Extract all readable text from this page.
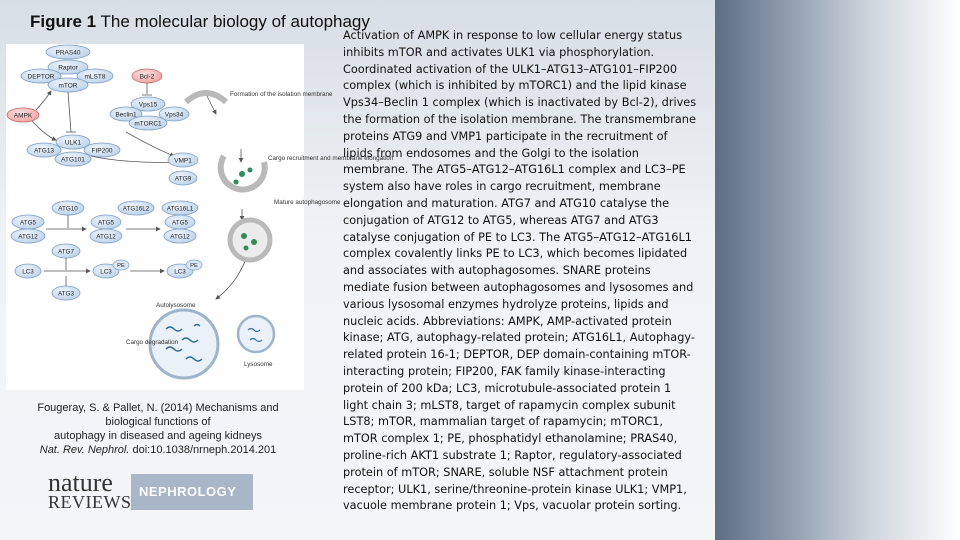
Figure 1 The molecular biology of autophagy
PRAS40
Raptor
DEPTOR	mLST8
mTOR
Bcl-2
AMPK
Vps15
Beclin1	Vps34
mTORC1
ULK1
ATG13	FIP200
ATG101
Formation of the isolation membrane
Cargo recruitment and membrane elongation
VMP1
ATG9
Mature autophagosome
ATG10	ATG16L2	ATG16L1
ATG5	ATG5	ATG5
ATG12	ATG12	ATG12
ATG7
LC3	LC3	LC3
PE	PE
ATG3
Autolysosome
Cargo degradation
Lysosome
Fougeray, S. & Pallet, N. (2014) Mechanisms and
biological functions of
autophagy in diseased and ageing kidneys
Nat. Rev. Nephrol. doi:10.1038/nrneph.2014.201
nature
REVIEWS
NEPHROLOGY
Activation of AMPK in response to low cellular energy status inhibits mTOR and activates ULK1 via phosphorylation. Coordinated activation of the ULK1–ATG13–ATG101–FIP200 complex (which is inhibited by mTORC1) and the lipid kinase Vps34–Beclin 1 complex (which is inactivated by Bcl-2), drives the formation of the isolation membrane. The transmembrane proteins ATG9 and VMP1 participate in the recruitment of lipids from endosomes and the Golgi to the isolation membrane. The ATG5–ATG12–ATG16L1 complex and LC3–PE system also have roles in cargo recruitment, membrane elongation and maturation. ATG7 and ATG10 catalyse the conjugation of ATG12 to ATG5, whereas ATG7 and ATG3 catalyse conjugation of PE to LC3. The ATG5–ATG12–ATG16L1 complex covalently links PE to LC3, which becomes lipidated and associates with autophagosomes. SNARE proteins mediate fusion between autophagosomes and lysosomes and various lysosomal enzymes hydrolyze proteins, lipids and nucleic acids. Abbreviations: AMPK, AMP-activated protein kinase; ATG, autophagy-related protein; ATG16L1, Autophagy-related protein 16-1; DEPTOR, DEP domain-containing mTOR-interacting protein; FIP200, FAK family kinase-interacting protein of 200 kDa; LC3, microtubule-associated protein 1 light chain 3; mLST8, target of rapamycin complex subunit LST8; mTOR, mammalian target of rapamycin; mTORC1, mTOR complex 1; PE, phosphatidyl ethanolamine; PRAS40, proline-rich AKT1 substrate 1; Raptor, regulatory-associated protein of mTOR; SNARE, soluble NSF attachment protein receptor; ULK1, serine/threonine-protein kinase ULK1; VMP1, vacuole membrane protein 1; Vps, vacuolar protein sorting.
